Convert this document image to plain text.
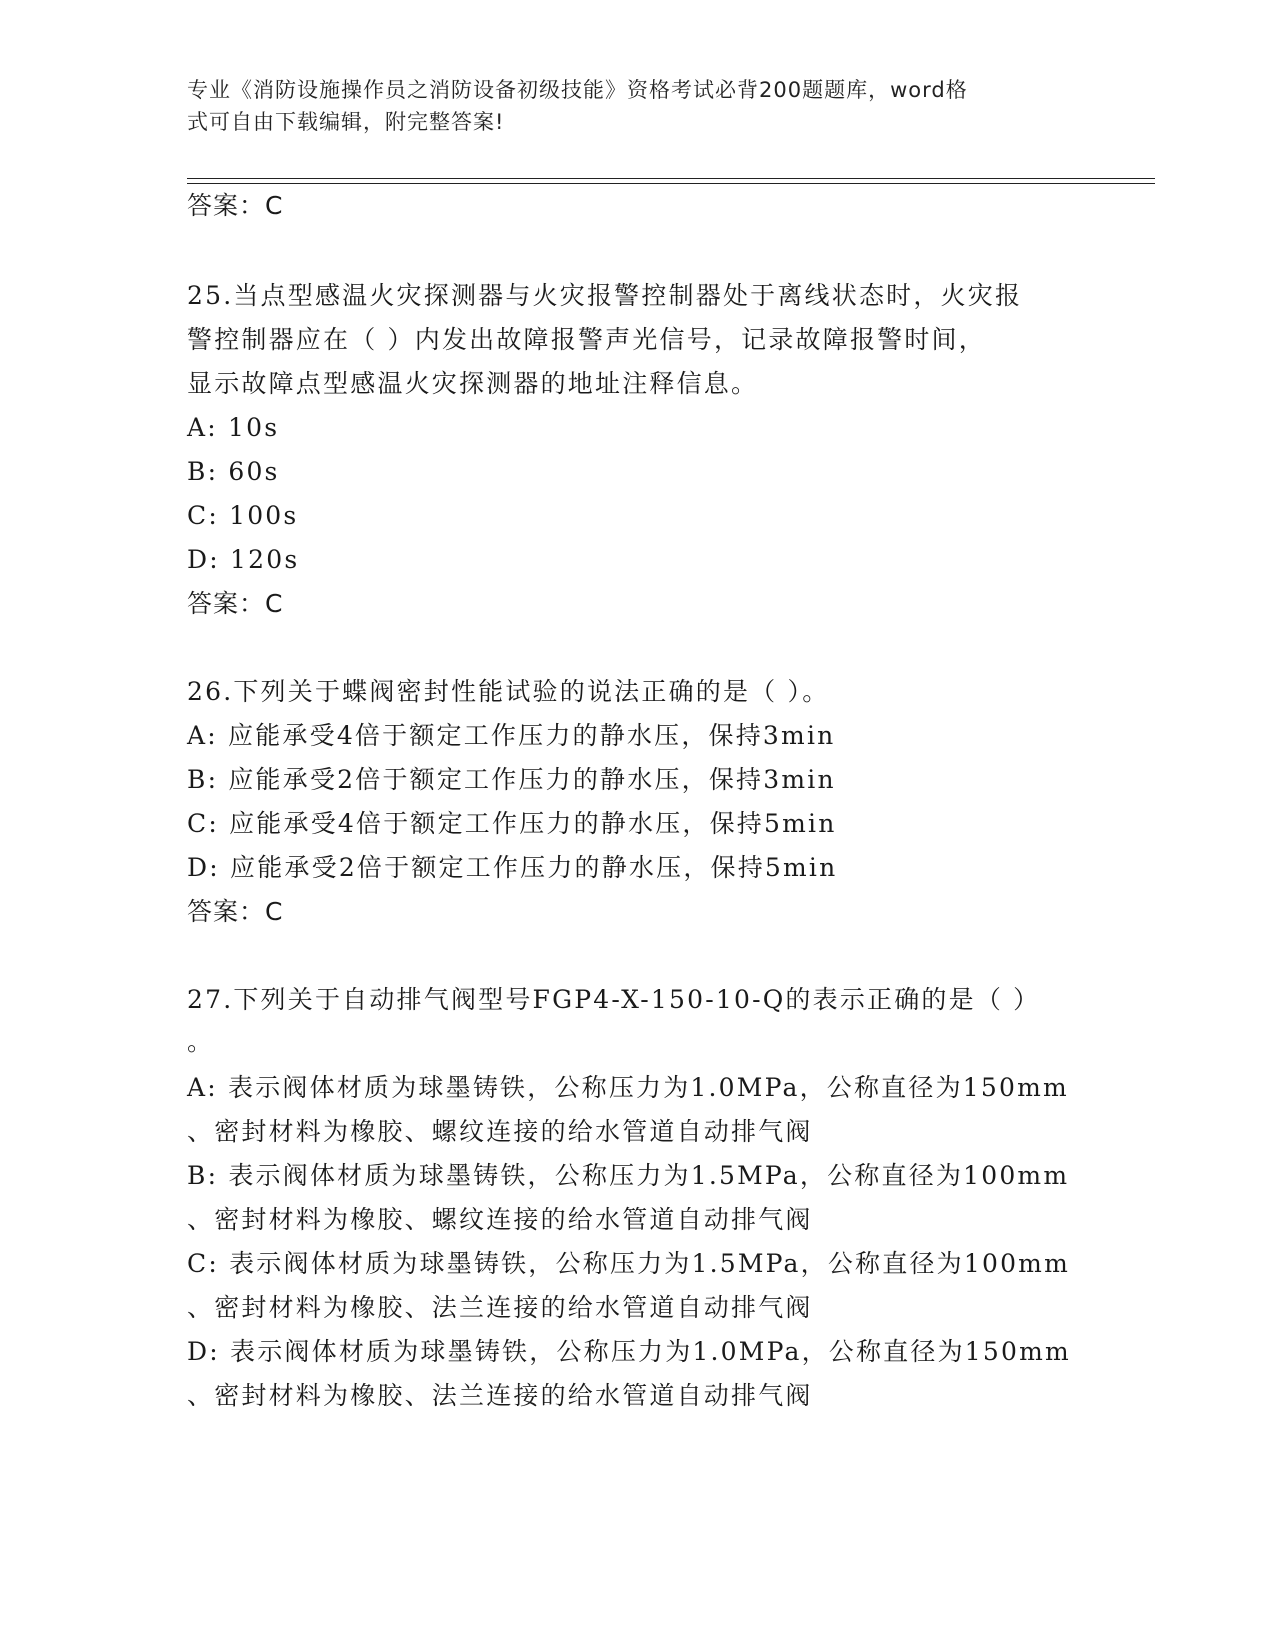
专业《消防设施操作员之消防设备初级技能》资格考试必背200题题库，word格
式可自由下载编辑，附完整答案!
答案：C
25.当点型感温火灾探测器与火灾报警控制器处于离线状态时，火灾报
警控制器应在（ ）内发出故障报警声光信号，记录故障报警时间，
显示故障点型感温火灾探测器的地址注释信息。
A: 10s
B: 60s
C: 100s
D: 120s
答案：C
26.下列关于蝶阀密封性能试验的说法正确的是（ ）。
A: 应能承受4倍于额定工作压力的静水压，保持3min
B: 应能承受2倍于额定工作压力的静水压，保持3min
C: 应能承受4倍于额定工作压力的静水压，保持5min
D: 应能承受2倍于额定工作压力的静水压，保持5min
答案：C
27.下列关于自动排气阀型号FGP4-X-150-10-Q的表示正确的是（ ）
。
A: 表示阀体材质为球墨铸铁，公称压力为1.0MPa，公称直径为150mm
、密封材料为橡胶、螺纹连接的给水管道自动排气阀
B: 表示阀体材质为球墨铸铁，公称压力为1.5MPa，公称直径为100mm
、密封材料为橡胶、螺纹连接的给水管道自动排气阀
C: 表示阀体材质为球墨铸铁，公称压力为1.5MPa，公称直径为100mm
、密封材料为橡胶、法兰连接的给水管道自动排气阀
D: 表示阀体材质为球墨铸铁，公称压力为1.0MPa，公称直径为150mm
、密封材料为橡胶、法兰连接的给水管道自动排气阀
